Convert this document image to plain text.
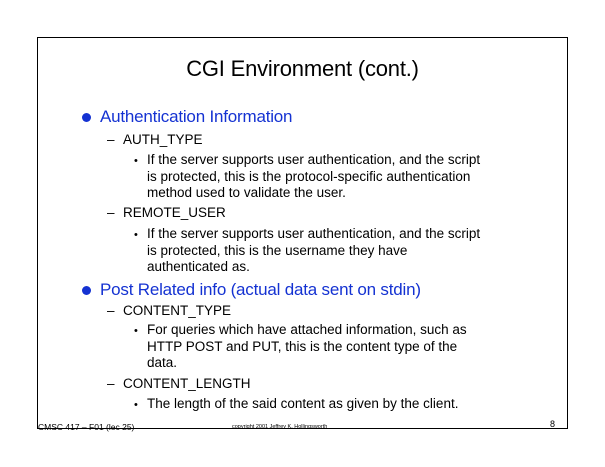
CGI Environment (cont.)
Authentication Information
– AUTH_TYPE
• If the server supports user authentication, and the script
is protected, this is the protocol-specific authentication
method used to validate the user.
– REMOTE_USER
• If the server supports user authentication, and the script
is protected, this is the username they have
authenticated as.
Post Related info (actual data sent on stdin)
– CONTENT_TYPE
• For queries which have attached information, such as
HTTP POST and PUT, this is the content type of the
data.
– CONTENT_LENGTH
• The length of the said content as given by the client.
CMSC 417 – F01 (lec 25)	copyright 2001 Jeffrey K. Hollingsworth	8
